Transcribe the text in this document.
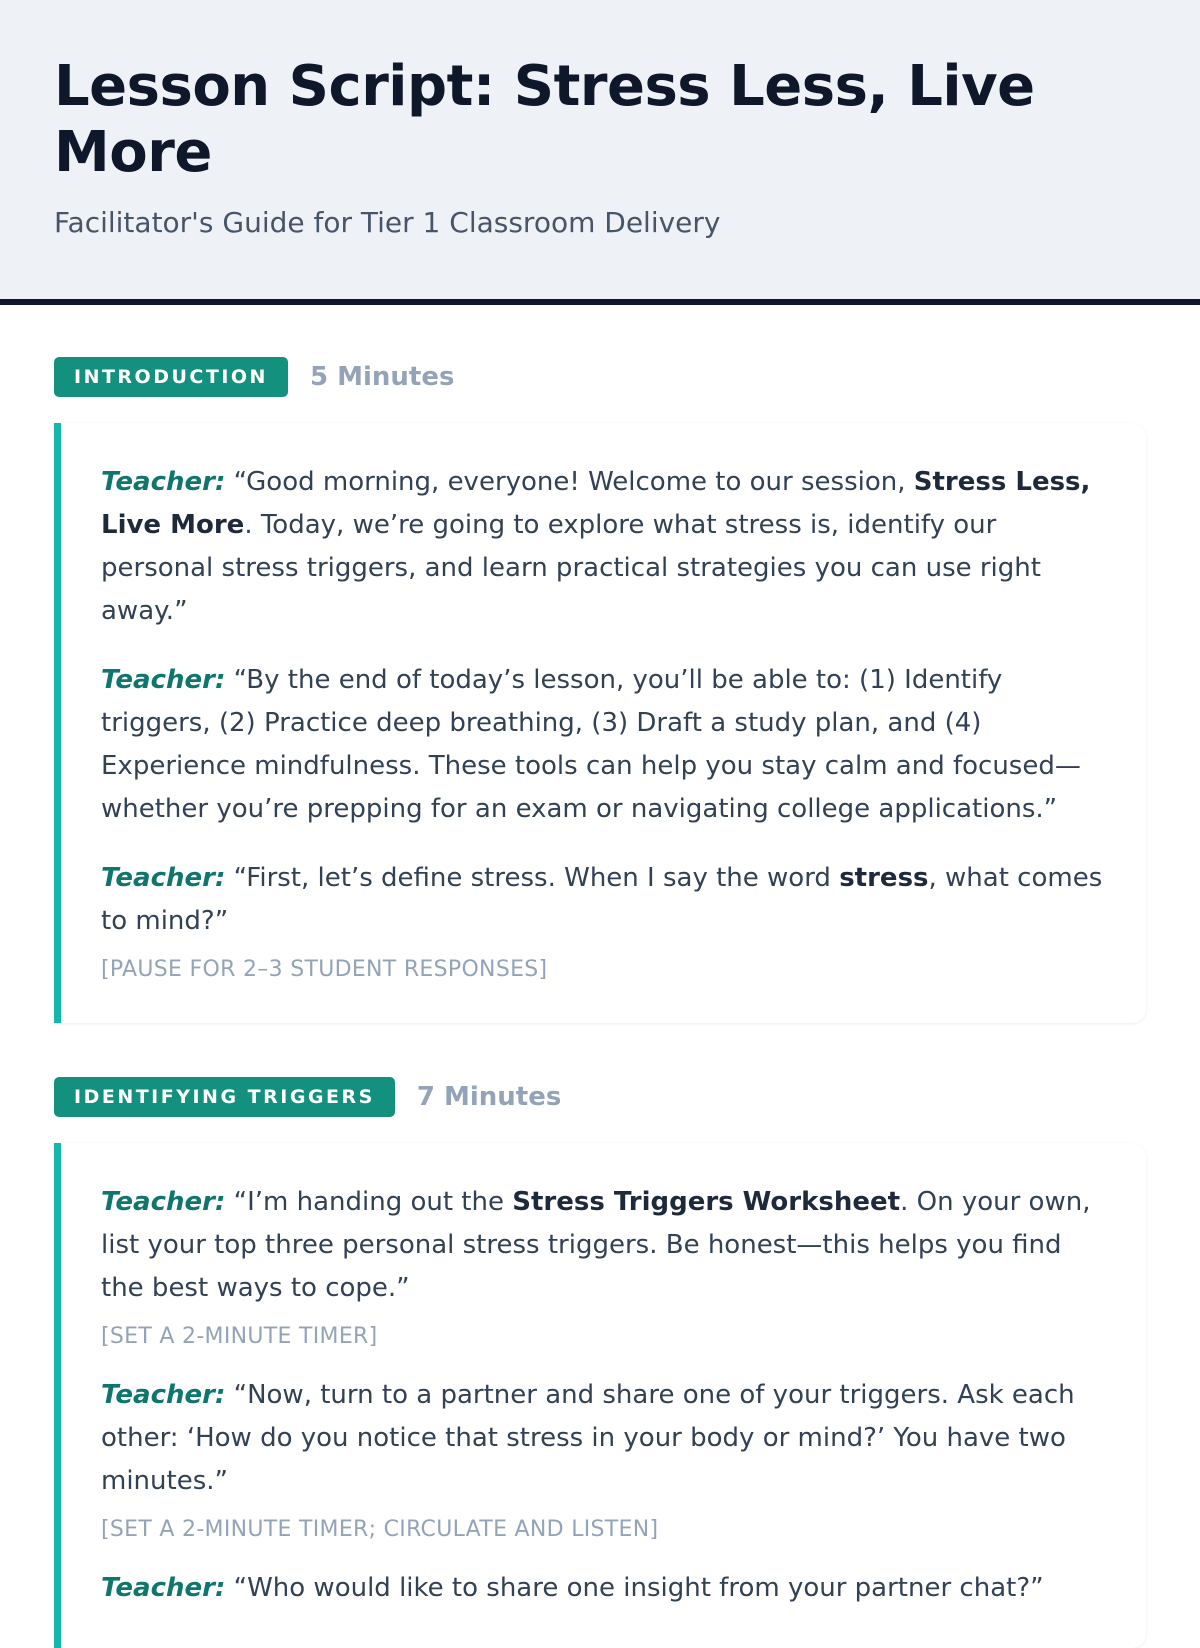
Lesson Script: Stress Less, Live More

Facilitator's Guide for Tier 1 Classroom Delivery

INTRODUCTION	5 Minutes

Teacher: “Good morning, everyone! Welcome to our session, Stress Less, Live More. Today, we’re going to explore what stress is, identify our personal stress triggers, and learn practical strategies you can use right away.”

Teacher: “By the end of today’s lesson, you’ll be able to: (1) Identify triggers, (2) Practice deep breathing, (3) Draft a study plan, and (4) Experience mindfulness. These tools can help you stay calm and focused—whether you’re prepping for an exam or navigating college applications.”

Teacher: “First, let’s define stress. When I say the word stress, what comes to mind?”

[PAUSE FOR 2–3 STUDENT RESPONSES]

IDENTIFYING TRIGGERS	7 Minutes

Teacher: “I’m handing out the Stress Triggers Worksheet. On your own, list your top three personal stress triggers. Be honest—this helps you find the best ways to cope.”

[SET A 2-MINUTE TIMER]

Teacher: “Now, turn to a partner and share one of your triggers. Ask each other: ‘How do you notice that stress in your body or mind?’ You have two minutes.”

[SET A 2-MINUTE TIMER; CIRCULATE AND LISTEN]

Teacher: “Who would like to share one insight from your partner chat?”
